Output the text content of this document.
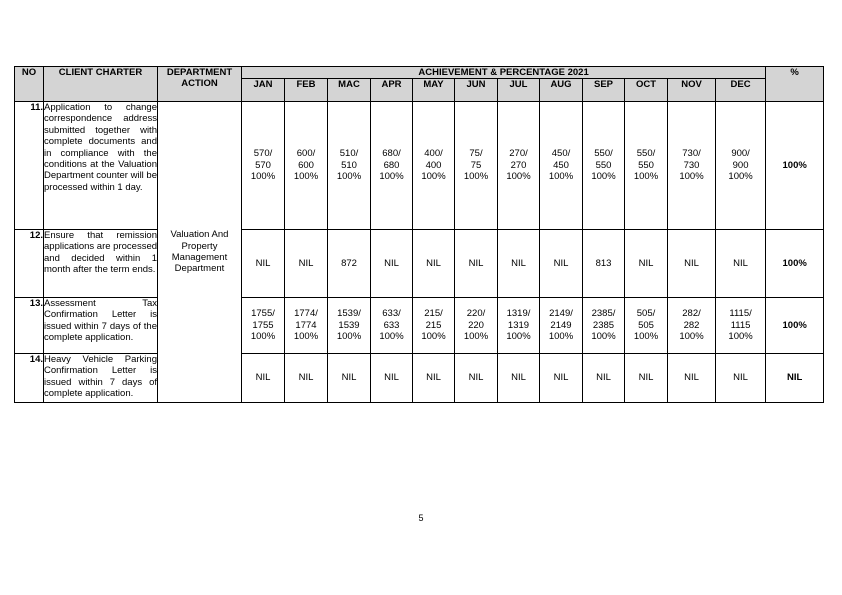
NO	CLIENT CHARTER	DEPARTMENT ACTION	ACHIEVEMENT & PERCENTAGE 2021												%
			JAN	FEB	MAC	APR	MAY	JUN	JUL	AUG	SEP	OCT	NOV	DEC	
11.	Application to change correspondence address submitted together with complete documents and in compliance with the conditions at the Valuation Department counter will be processed within 1 day.	Valuation And Property Management Department	570/
570
100%	600/
600
100%	510/
510
100%	680/
680
100%	400/
400
100%	75/
75
100%	270/
270
100%	450/
450
100%	550/
550
100%	550/
550
100%	730/
730
100%	900/
900
100%	100%
12.	Ensure that remission applications are processed and decided within 1 month after the term ends.		NIL	NIL	872	NIL	NIL	NIL	NIL	NIL	813	NIL	NIL	NIL	100%
13.	Assessment Tax Confirmation Letter is issued within 7 days of the complete application.		1755/
1755
100%	1774/
1774
100%	1539/
1539
100%	633/
633
100%	215/
215
100%	220/
220
100%	1319/
1319
100%	2149/
2149
100%	2385/
2385
100%	505/
505
100%	282/
282
100%	1115/
1115
100%	100%
14.	Heavy Vehicle Parking Confirmation Letter is issued within 7 days of complete application.		NIL	NIL	NIL	NIL	NIL	NIL	NIL	NIL	NIL	NIL	NIL	NIL	NIL
5
